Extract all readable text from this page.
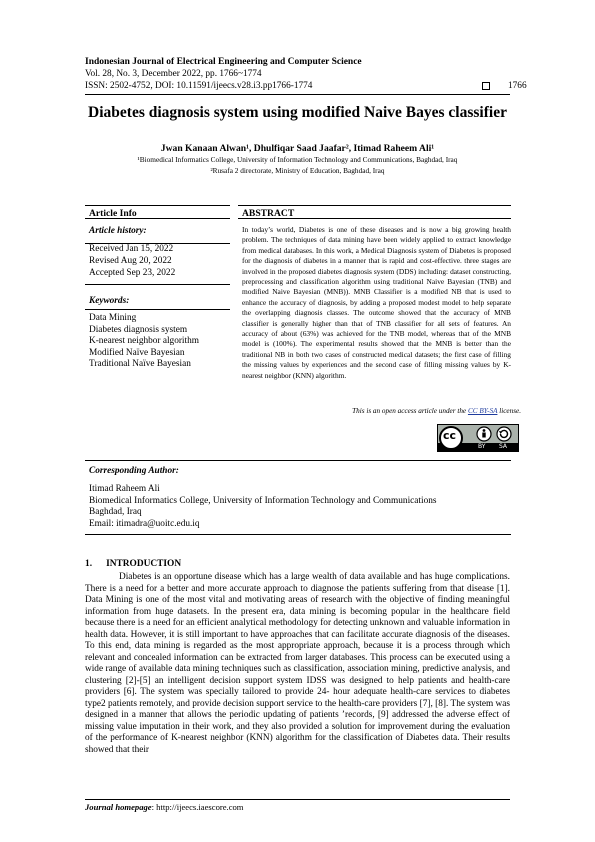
Indonesian Journal of Electrical Engineering and Computer Science
Vol. 28, No. 3, December 2022, pp. 1766~1774
ISSN: 2502-4752, DOI: 10.11591/ijeecs.v28.i3.pp1766-1774	1766
Diabetes diagnosis system using modified Naive Bayes classifier
Jwan Kanaan Alwan¹, Dhulfiqar Saad Jaafar², Itimad Raheem Ali¹
¹Biomedical Informatics College, University of Information Technology and Communications, Baghdad, Iraq
²Rusafa 2 directorate, Ministry of Education, Baghdad, Iraq
Article Info
Article history:
Received Jan 15, 2022
Revised Aug 20, 2022
Accepted Sep 23, 2022
Keywords:
Data Mining
Diabetes diagnosis system
K-nearest neighbor algorithm
Modified Naïve Bayesian
Traditional Naïve Bayesian
ABSTRACT
In today’s world, Diabetes is one of these diseases and is now a big growing health problem. The techniques of data mining have been widely applied to extract knowledge from medical databases. In this work, a Medical Diagnosis system of Diabetes is proposed for the diagnosis of diabetes in a manner that is rapid and cost-effective. three stages are involved in the proposed diabetes diagnosis system (DDS) including: dataset constructing, preprocessing and classification algorithm using traditional Naive Bayesian (TNB) and modified Naive Bayesian (MNB)). MNB Classifier is a modified NB that is used to enhance the accuracy of diagnosis, by adding a proposed modest model to help separate the overlapping diagnosis classes. The outcome showed that the accuracy of MNB classifier is generally higher than that of TNB classifier for all sets of features. An accuracy of about (63%) was achieved for the TNB model, whereas that of the MNB model is (100%). The experimental results showed that the MNB is better than the traditional NB in both two cases of constructed medical datasets; the first case of filling the missing values by experiences and the second case of filling missing values by K-nearest neighbor (KNN) algorithm.
This is an open access article under the CC BY-SA license.
cc
BY SA
Corresponding Author:
Itimad Raheem Ali
Biomedical Informatics College, University of Information Technology and Communications
Baghdad, Iraq
Email: itimadra@uoitc.edu.iq
1.      INTRODUCTION
Diabetes is an opportune disease which has a large wealth of data available and has huge complications. There is a need for a better and more accurate approach to diagnose the patients suffering from that disease [1]. Data Mining is one of the most vital and motivating areas of research with the objective of finding meaningful information from huge datasets. In the present era, data mining is becoming popular in the healthcare field because there is a need for an efficient analytical methodology for detecting unknown and valuable information in health data. However, it is still important to have approaches that can facilitate accurate diagnosis of the diseases. To this end, data mining is regarded as the most appropriate approach, because it is a process through which relevant and concealed information can be extracted from larger databases. This process can be executed using a wide range of available data mining techniques such as classification, association mining, predictive analysis, and clustering [2]-[5] an intelligent decision support system IDSS was designed to help patients and health-care providers [6]. The system was specially tailored to provide 24- hour adequate health-care services to diabetes type2 patients remotely, and provide decision support service to the health-care providers [7], [8]. The system was designed in a manner that allows the periodic updating of patients ’records, [9] addressed the adverse effect of missing value imputation in their work, and they also provided a solution for improvement during the evaluation of the performance of K-nearest neighbor (KNN) algorithm for the classification of Diabetes data. Their results showed that their
Journal homepage: http://ijeecs.iaescore.com
